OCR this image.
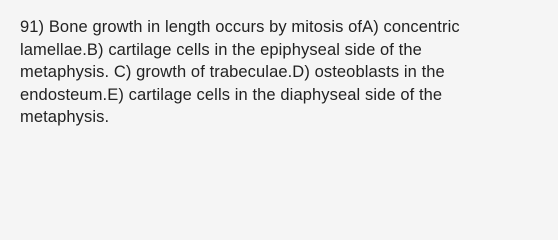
91) Bone growth in length occurs by mitosis ofA) concentric
lamellae.B) cartilage cells in the epiphyseal side of the
metaphysis. C) growth of trabeculae.D) osteoblasts in the
endosteum.E) cartilage cells in the diaphyseal side of the
metaphysis.
